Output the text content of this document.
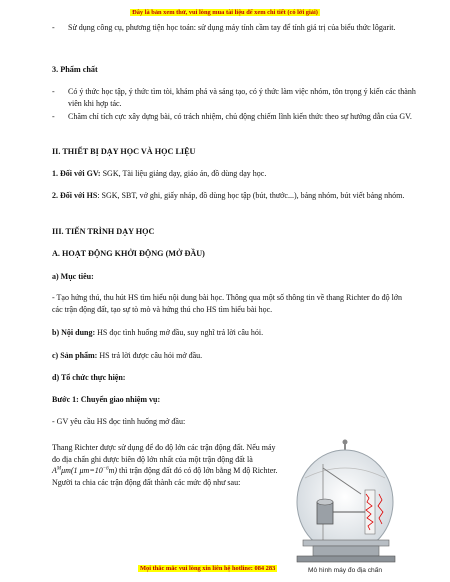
Đây là bản xem thử, vui lòng mua tài liệu để xem chi tiết (có lời giải)
- Sử dụng công cụ, phương tiện học toán: sử dụng máy tính cầm tay để tính giá trị của biểu thức lôgarit.
3. Phẩm chất
- Có ý thức học tập, ý thức tìm tòi, khám phá và sáng tạo, có ý thức làm việc nhóm, tôn trọng ý kiến các thành viên khi hợp tác.
- Chăm chỉ tích cực xây dựng bài, có trách nhiệm, chủ động chiếm lĩnh kiến thức theo sự hướng dẫn của GV.
II. THIẾT BỊ DẠY HỌC VÀ HỌC LIỆU
1. Đối với GV: SGK, Tài liệu giảng dạy, giáo án, đồ dùng dạy học.
2. Đối với HS: SGK, SBT, vở ghi, giấy nháp, đồ dùng học tập (bút, thước...), bảng nhóm, bút viết bảng nhóm.
III. TIẾN TRÌNH DẠY HỌC
A. HOẠT ĐỘNG KHỞI ĐỘNG (MỞ ĐẦU)
a) Mục tiêu:
- Tạo hứng thú, thu hút HS tìm hiểu nội dung bài học. Thông qua một số thông tin về thang Richter đo độ lớn các trận động đất, tạo sự tò mò và hứng thú cho HS tìm hiểu bài học.
b) Nội dung: HS đọc tình huống mở đầu, suy nghĩ trả lời câu hỏi.
c) Sản phẩm: HS trả lời được câu hỏi mở đầu.
d) Tổ chức thực hiện:
Bước 1: Chuyển giao nhiệm vụ:
- GV yêu cầu HS đọc tình huống mở đầu:
Thang Richter được sử dụng để đo độ lớn các trận động đất. Nếu máy đo địa chấn ghi được biên độ lớn nhất của một trận động đất là $A^M\mu m(1$ $\mu m=10^{-6}m$) thì trận động đất đó có độ lớn bằng M độ Richter. Người ta chia các trận động đất thành các mức độ như sau:
Mô hình máy đo địa chấn
Mọi thắc mắc vui lòng xin liên hệ hotline: 084 283
